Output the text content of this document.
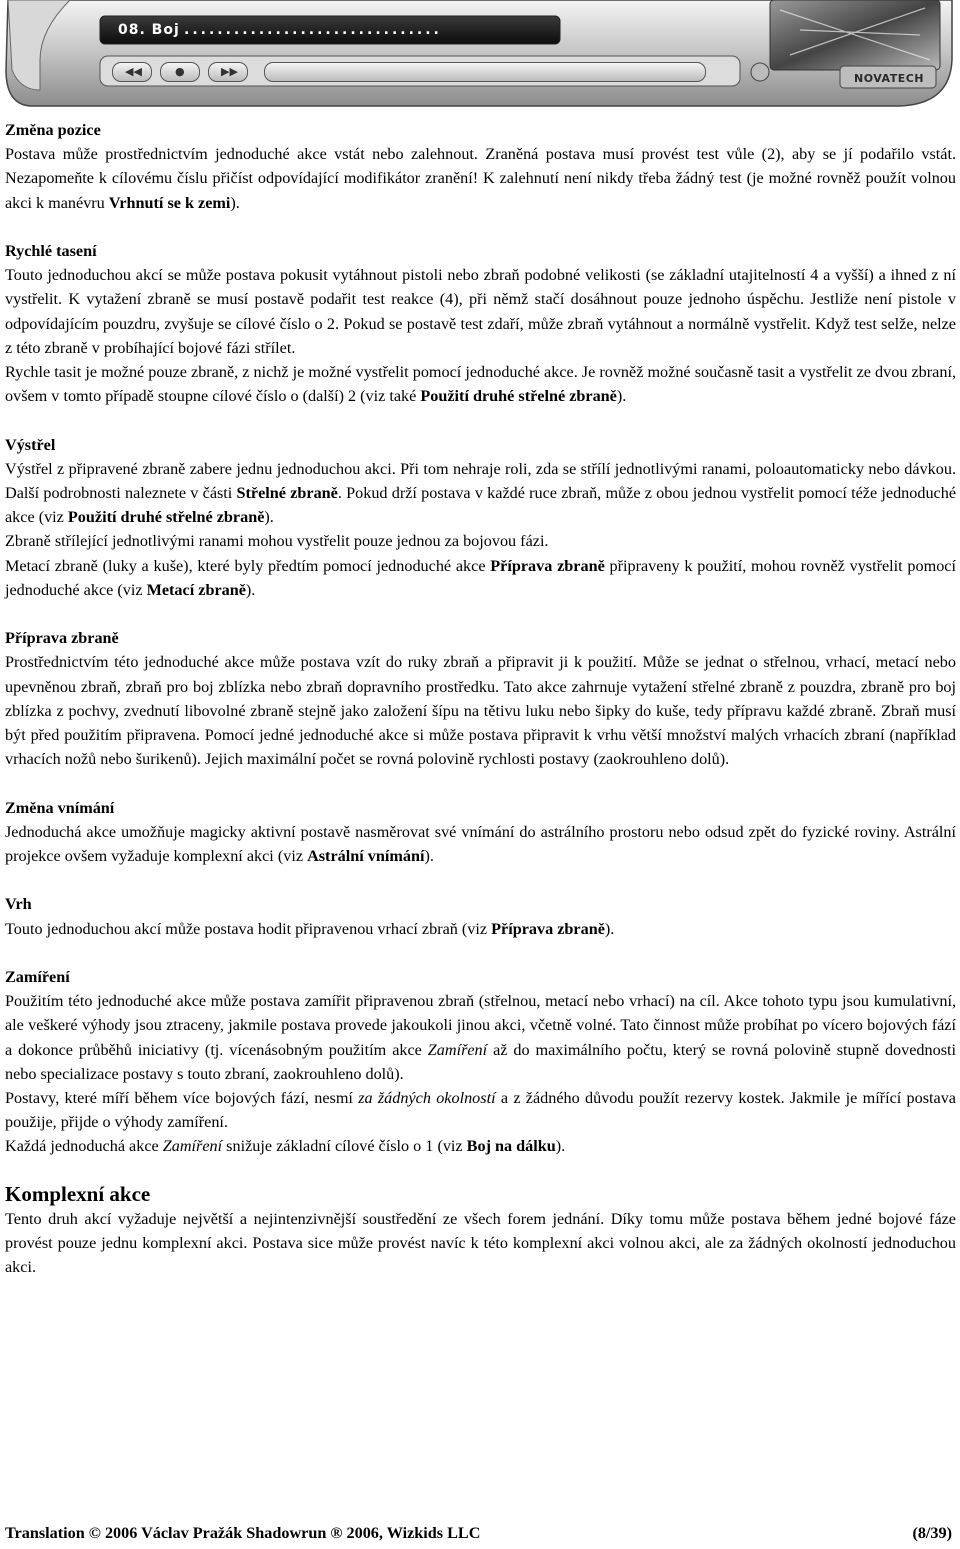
08. Boj ...............................
◀◀	●	▶▶
NOVATECH
Změna pozice

Postava může prostřednictvím jednoduché akce vstát nebo zalehnout. Zraněná postava musí provést test vůle (2), aby se jí podařilo vstát. Nezapomeňte k cílovému číslu přičíst odpovídající modifikátor zranění! K zalehnutí není nikdy třeba žádný test (je možné rovněž použít volnou akci k manévru Vrhnutí se k zemi).

Rychlé tasení

Touto jednoduchou akcí se může postava pokusit vytáhnout pistoli nebo zbraň podobné velikosti (se základní utajitelností 4 a vyšší) a ihned z ní vystřelit. K vytažení zbraně se musí postavě podařit test reakce (4), při němž stačí dosáhnout pouze jednoho úspěchu. Jestliže není pistole v odpovídajícím pouzdru, zvyšuje se cílové číslo o 2. Pokud se postavě test zdaří, může zbraň vytáhnout a normálně vystřelit. Když test selže, nelze z této zbraně v probíhající bojové fázi střílet.

Rychle tasit je možné pouze zbraně, z nichž je možné vystřelit pomocí jednoduché akce. Je rovněž možné současně tasit a vystřelit ze dvou zbraní, ovšem v tomto případě stoupne cílové číslo o (další) 2 (viz také Použití druhé střelné zbraně).

Výstřel

Výstřel z připravené zbraně zabere jednu jednoduchou akci. Při tom nehraje roli, zda se střílí jednotlivými ranami, poloautomaticky nebo dávkou. Další podrobnosti naleznete v části Střelné zbraně. Pokud drží postava v každé ruce zbraň, může z obou jednou vystřelit pomocí téže jednoduché akce (viz Použití druhé střelné zbraně).

Zbraně střílející jednotlivými ranami mohou vystřelit pouze jednou za bojovou fázi.

Metací zbraně (luky a kuše), které byly předtím pomocí jednoduché akce Příprava zbraně připraveny k použití, mohou rovněž vystřelit pomocí jednoduché akce (viz Metací zbraně).

Příprava zbraně

Prostřednictvím této jednoduché akce může postava vzít do ruky zbraň a připravit ji k použití. Může se jednat o střelnou, vrhací, metací nebo upevněnou zbraň, zbraň pro boj zblízka nebo zbraň dopravního prostředku. Tato akce zahrnuje vytažení střelné zbraně z pouzdra, zbraně pro boj zblízka z pochvy, zvednutí libovolné zbraně stejně jako založení šípu na tětivu luku nebo šipky do kuše, tedy přípravu každé zbraně. Zbraň musí být před použitím připravena. Pomocí jedné jednoduché akce si může postava připravit k vrhu větší množství malých vrhacích zbraní (například vrhacích nožů nebo šurikenů). Jejich maximální počet se rovná polovině rychlosti postavy (zaokrouhleno dolů).

Změna vnímání

Jednoduchá akce umožňuje magicky aktivní postavě nasměrovat své vnímání do astrálního prostoru nebo odsud zpět do fyzické roviny. Astrální projekce ovšem vyžaduje komplexní akci (viz Astrální vnímání).

Vrh

Touto jednoduchou akcí může postava hodit připravenou vrhací zbraň (viz Příprava zbraně).

Zamíření

Použitím této jednoduché akce může postava zamířit připravenou zbraň (střelnou, metací nebo vrhací) na cíl. Akce tohoto typu jsou kumulativní, ale veškeré výhody jsou ztraceny, jakmile postava provede jakoukoli jinou akci, včetně volné. Tato činnost může probíhat po vícero bojových fází a dokonce průběhů iniciativy (tj. vícenásobným použitím akce Zamíření až do maximálního počtu, který se rovná polovině stupně dovednosti nebo specializace postavy s touto zbraní, zaokrouhleno dolů).

Postavy, které míří během více bojových fází, nesmí za žádných okolností a z žádného důvodu použít rezervy kostek. Jakmile je mířící postava použije, přijde o výhody zamíření.

Každá jednoduchá akce Zamíření snižuje základní cílové číslo o 1 (viz Boj na dálku).

Komplexní akce

Tento druh akcí vyžaduje největší a nejintenzivnější soustředění ze všech forem jednání. Díky tomu může postava během jedné bojové fáze provést pouze jednu komplexní akci. Postava sice může provést navíc k této komplexní akci volnou akci, ale za žádných okolností jednoduchou akci.

Translation © 2006 Václav Pražák Shadowrun ® 2006, Wizkids LLC	(8/39)
